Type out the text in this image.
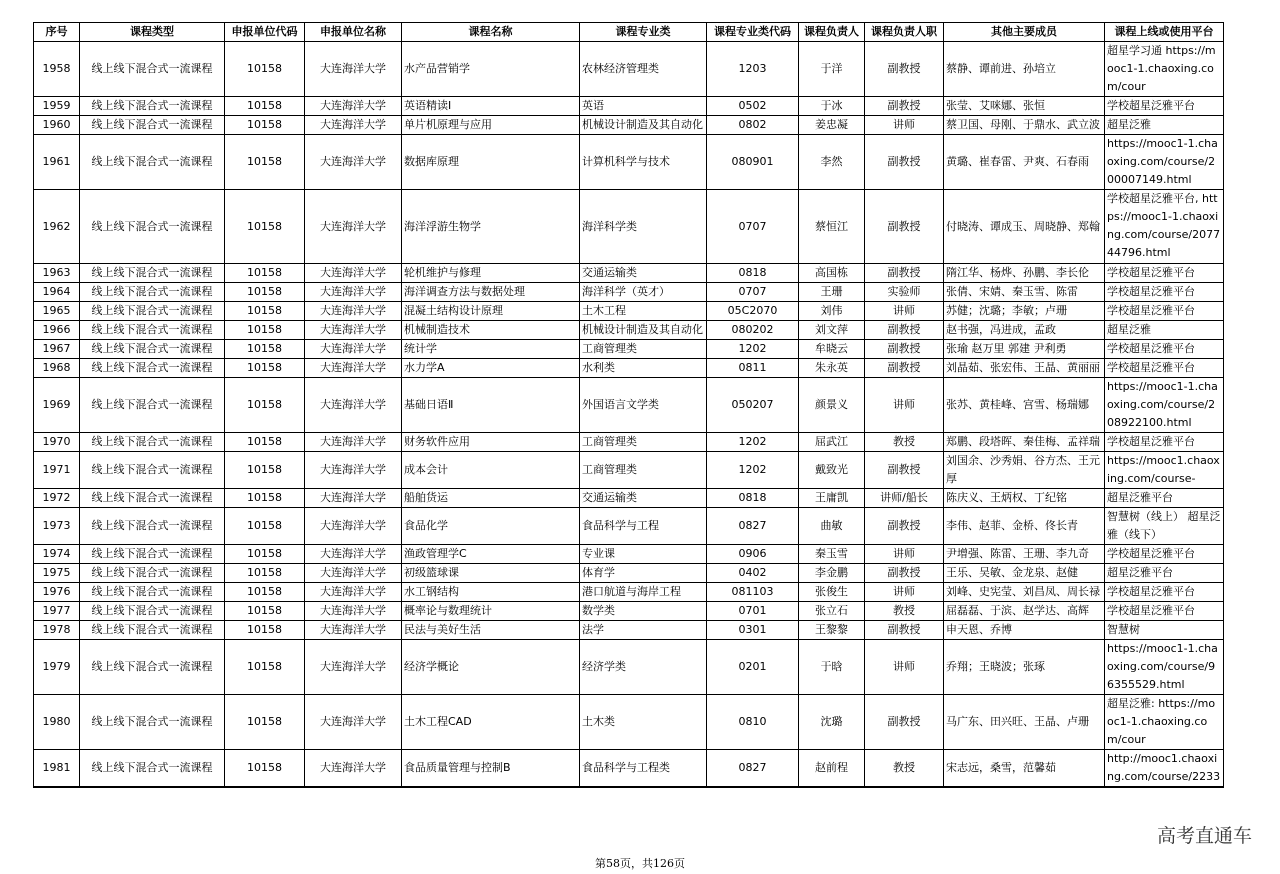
序号	课程类型	申报单位代码	申报单位名称	课程名称	课程专业类	课程专业类代码	课程负责人	课程负责人职	其他主要成员	课程上线或使用平台
1958	线上线下混合式一流课程	10158	大连海洋大学	水产品营销学	农林经济管理类	1203	于洋	副教授	蔡静、谭前进、孙培立	超星学习通 https://mooc1-1.chaoxing.com/cour
1959	线上线下混合式一流课程	10158	大连海洋大学	英语精读I	英语	0502	于冰	副教授	张莹、艾咪娜、张恒	学校超星泛雅平台
1960	线上线下混合式一流课程	10158	大连海洋大学	单片机原理与应用	机械设计制造及其自动化	0802	姜忠凝	讲师	蔡卫国、母刚、于鼎水、武立波	超星泛雅
1961	线上线下混合式一流课程	10158	大连海洋大学	数据库原理	计算机科学与技术	080901	李然	副教授	黄璐、崔春雷、尹爽、石春雨	https://mooc1-1.chaoxing.com/course/200007149.html
1962	线上线下混合式一流课程	10158	大连海洋大学	海洋浮游生物学	海洋科学类	0707	蔡恒江	副教授	付晓涛、谭成玉、周晓静、郑翰	学校超星泛雅平台, https://mooc1-1.chaoxing.com/course/207744796.html
1963	线上线下混合式一流课程	10158	大连海洋大学	轮机维护与修理	交通运输类	0818	高国栋	副教授	隋江华、杨烨、孙鹏、李长伦	学校超星泛雅平台
1964	线上线下混合式一流课程	10158	大连海洋大学	海洋调查方法与数据处理	海洋科学（英才）	0707	王珊	实验师	张倩、宋婧、秦玉雪、陈雷	学校超星泛雅平台
1965	线上线下混合式一流课程	10158	大连海洋大学	混凝土结构设计原理	土木工程	05C2070	刘伟	讲师	苏健；沈璐；李敏；卢珊	学校超星泛雅平台
1966	线上线下混合式一流课程	10158	大连海洋大学	机械制造技术	机械设计制造及其自动化	080202	刘文萍	副教授	赵书强，冯进成，孟政	超星泛雅
1967	线上线下混合式一流课程	10158	大连海洋大学	统计学	工商管理类	1202	牟晓云	副教授	张瑜 赵万里 郭建 尹利勇	学校超星泛雅平台
1968	线上线下混合式一流课程	10158	大连海洋大学	水力学A	水利类	0811	朱永英	副教授	刘晶茹、张宏伟、王晶、黄丽丽	学校超星泛雅平台
1969	线上线下混合式一流课程	10158	大连海洋大学	基础日语Ⅱ	外国语言文学类	050207	颜景义	讲师	张苏、黄桂峰、宫雪、杨瑞娜	https://mooc1-1.chaoxing.com/course/208922100.html
1970	线上线下混合式一流课程	10158	大连海洋大学	财务软件应用	工商管理类	1202	屈武江	教授	郑鹏、段塔晖、秦佳梅、孟祥瑞	学校超星泛雅平台
1971	线上线下混合式一流课程	10158	大连海洋大学	成本会计	工商管理类	1202	戴致光	副教授	刘国余、沙秀娟、谷方杰、王元厚	https://mooc1.chaoxing.com/course-
1972	线上线下混合式一流课程	10158	大连海洋大学	船舶货运	交通运输类	0818	王庸凯	讲师/船长	陈庆义、王炳权、丁纪铭	超星泛雅平台
1973	线上线下混合式一流课程	10158	大连海洋大学	食品化学	食品科学与工程	0827	曲敏	副教授	李伟、赵菲、金桥、佟长青	智慧树（线上） 超星泛雅（线下）
1974	线上线下混合式一流课程	10158	大连海洋大学	渔政管理学C	专业课	0906	秦玉雪	讲师	尹增强、陈雷、王珊、李九奇	学校超星泛雅平台
1975	线上线下混合式一流课程	10158	大连海洋大学	初级篮球课	体育学	0402	李金鹏	副教授	王乐、吴敏、金龙泉、赵健	超星泛雅平台
1976	线上线下混合式一流课程	10158	大连海洋大学	水工钢结构	港口航道与海岸工程	081103	张俊生	讲师	刘峰、史宪莹、刘昌凤、周长禄	学校超星泛雅平台
1977	线上线下混合式一流课程	10158	大连海洋大学	概率论与数理统计	数学类	0701	张立石	教授	屈磊磊、于滨、赵学达、高辉	学校超星泛雅平台
1978	线上线下混合式一流课程	10158	大连海洋大学	民法与美好生活	法学	0301	王黎黎	副教授	申天恩、乔博	智慧树
1979	线上线下混合式一流课程	10158	大连海洋大学	经济学概论	经济学类	0201	于晗	讲师	乔翔；王晓波；张琢	https://mooc1-1.chaoxing.com/course/96355529.html
1980	线上线下混合式一流课程	10158	大连海洋大学	土木工程CAD	土木类	0810	沈璐	副教授	马广东、田兴旺、王晶、卢珊	超星泛雅: https://mooc1-1.chaoxing.com/cour
1981	线上线下混合式一流课程	10158	大连海洋大学	食品质量管理与控制B	食品科学与工程类	0827	赵前程	教授	宋志远，桑雪，范馨茹	http://mooc1.chaoxing.com/course/2233
第58页，共126页
高考直通车
